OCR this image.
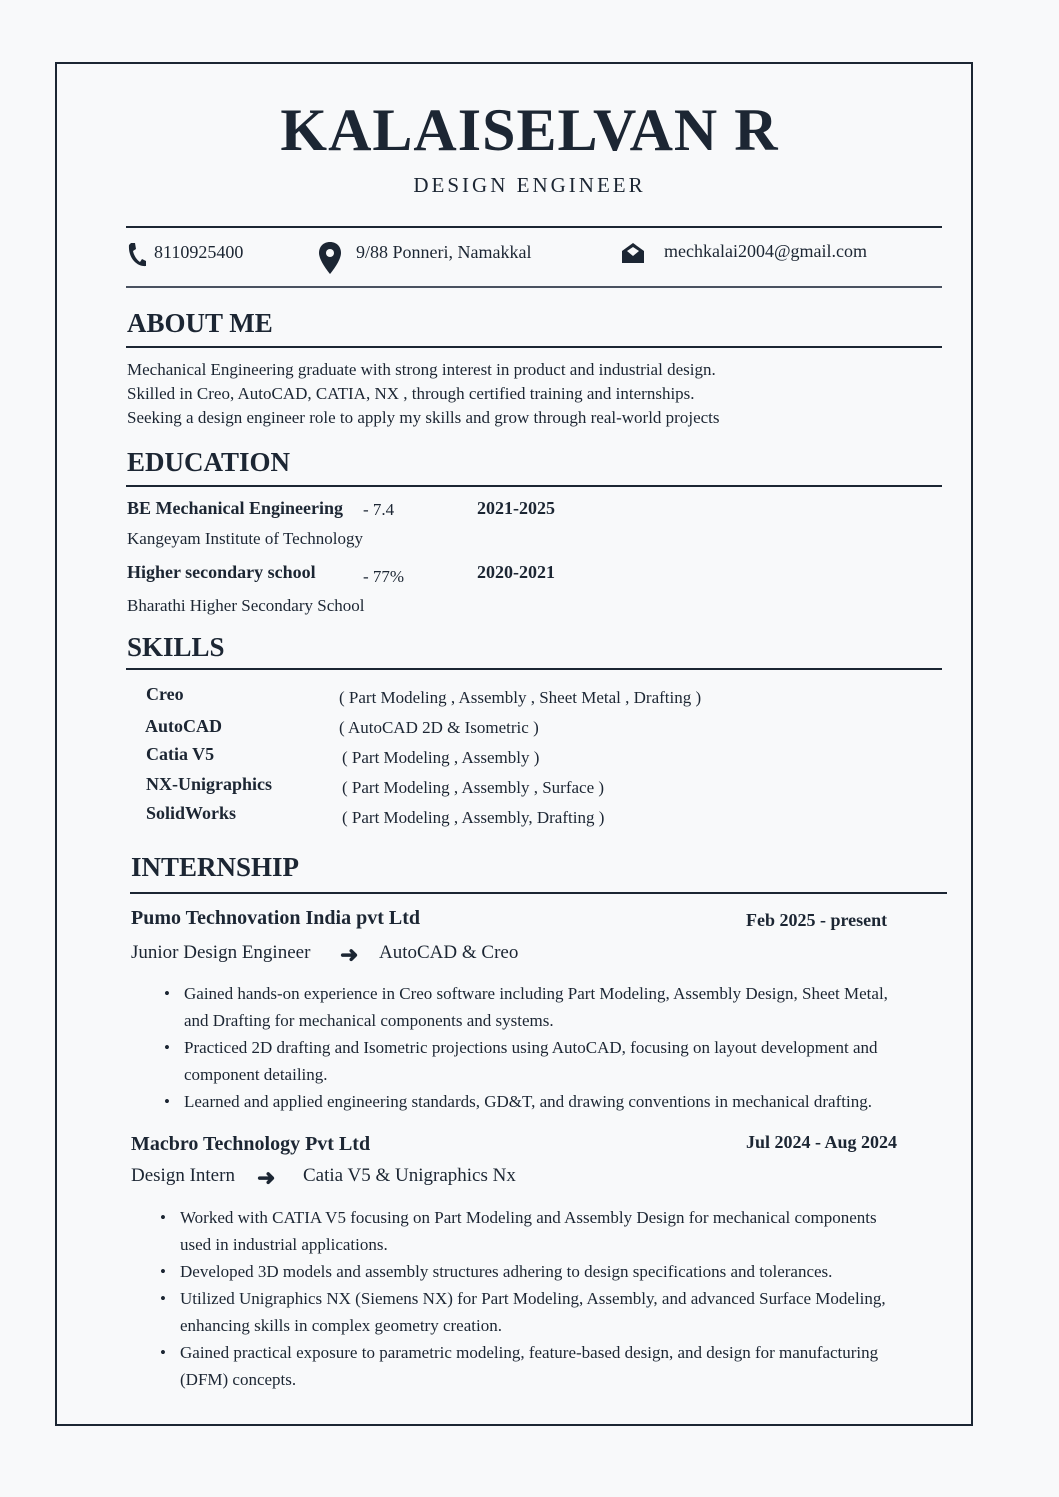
KALAISELVAN R
DESIGN ENGINEER
8110925400	9/88 Ponneri, Namakkal	mechkalai2004@gmail.com
ABOUT ME
Mechanical Engineering graduate with strong interest in product and industrial design.
Skilled in Creo, AutoCAD, CATIA, NX , through certified training and internships.
Seeking a design engineer role to apply my skills and grow through real-world projects
EDUCATION
BE Mechanical Engineering - 7.4	2021-2025
Kangeyam Institute of Technology
Higher secondary school	- 77%	2020-2021
Bharathi Higher Secondary School
SKILLS
Creo	( Part Modeling , Assembly , Sheet Metal , Drafting )
AutoCAD	( AutoCAD 2D & Isometric )
Catia V5	( Part Modeling , Assembly )
NX-Unigraphics	( Part Modeling , Assembly , Surface )
SolidWorks	( Part Modeling , Assembly, Drafting )
INTERNSHIP
Pumo Technovation India pvt Ltd	Feb 2025 - present
Junior Design Engineer ➜ AutoCAD & Creo
• Gained hands-on experience in Creo software including Part Modeling, Assembly Design, Sheet Metal,
and Drafting for mechanical components and systems.
• Practiced 2D drafting and Isometric projections using AutoCAD, focusing on layout development and
component detailing.
• Learned and applied engineering standards, GD&T, and drawing conventions in mechanical drafting.
Macbro Technology Pvt Ltd	Jul 2024 - Aug 2024
Design Intern ➜ Catia V5 & Unigraphics Nx
• Worked with CATIA V5 focusing on Part Modeling and Assembly Design for mechanical components
used in industrial applications.
• Developed 3D models and assembly structures adhering to design specifications and tolerances.
• Utilized Unigraphics NX (Siemens NX) for Part Modeling, Assembly, and advanced Surface Modeling,
enhancing skills in complex geometry creation.
• Gained practical exposure to parametric modeling, feature-based design, and design for manufacturing
(DFM) concepts.
